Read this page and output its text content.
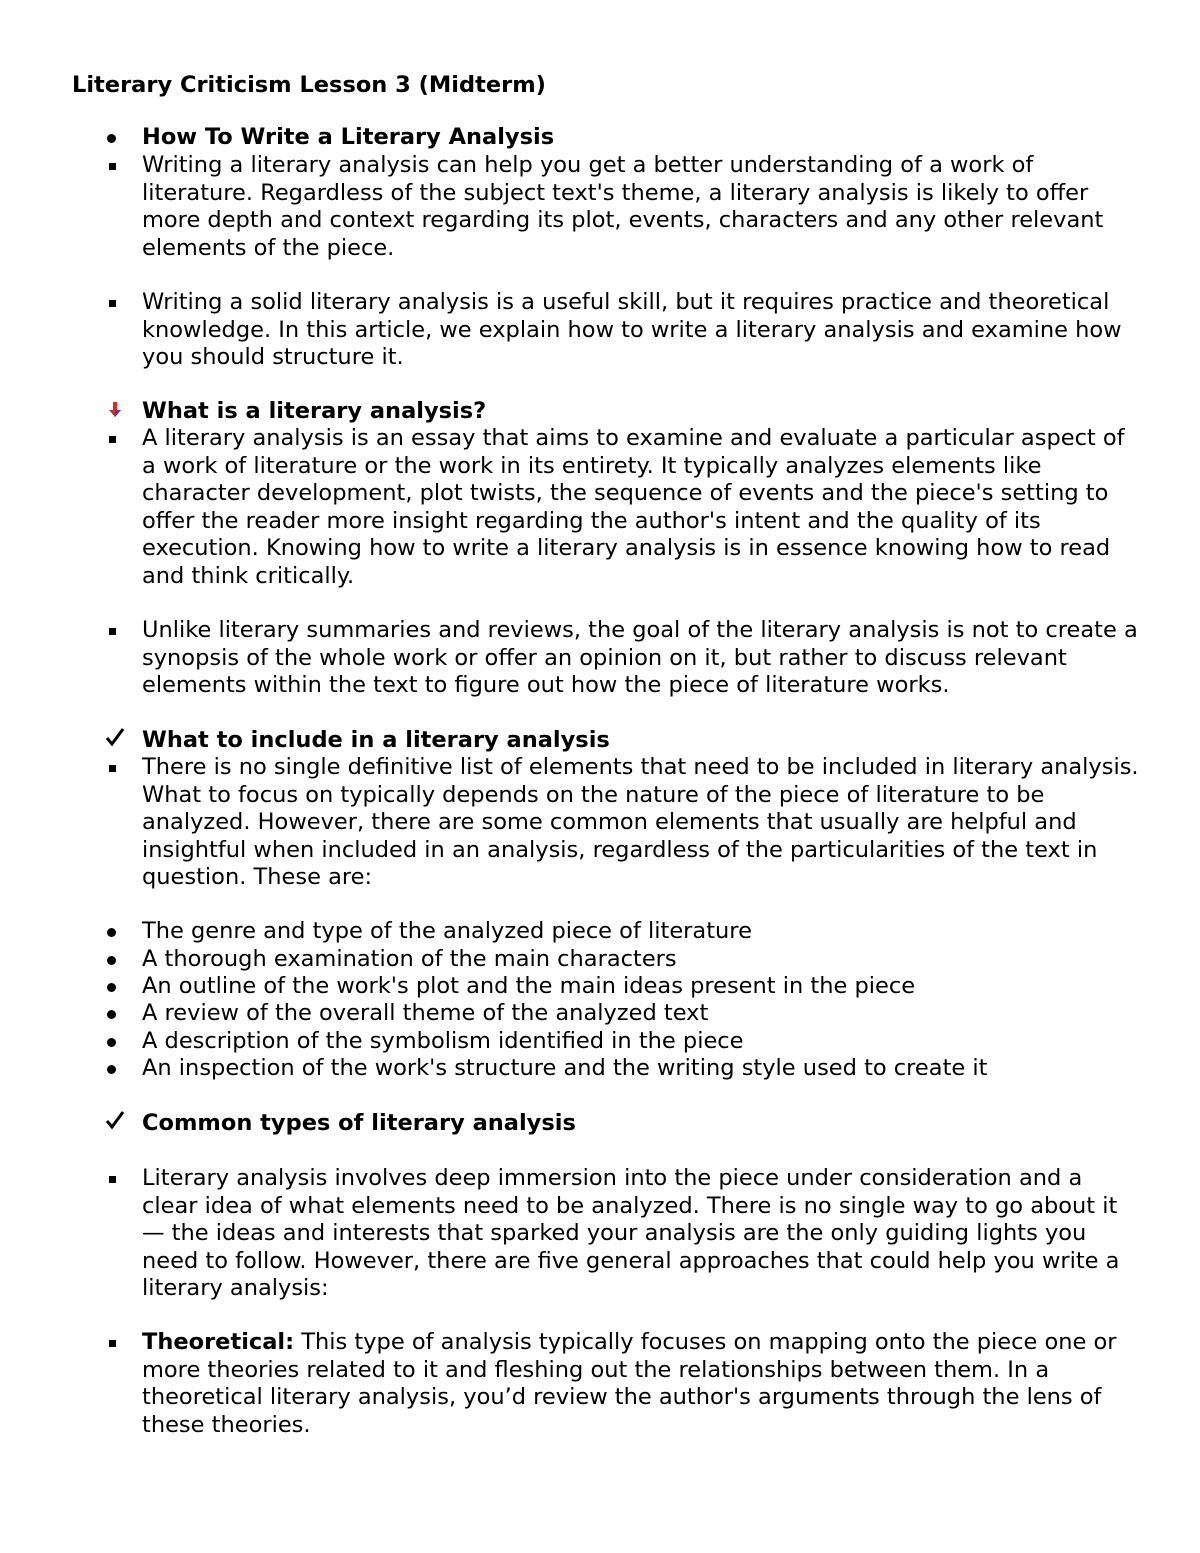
Literary Criticism Lesson 3 (Midterm)
How To Write a Literary Analysis

Writing a literary analysis can help you get a better understanding of a work of literature. Regardless of the subject text's theme, a literary analysis is likely to offer more depth and context regarding its plot, events, characters and any other relevant elements of the piece.

Writing a solid literary analysis is a useful skill, but it requires practice and theoretical knowledge. In this article, we explain how to write a literary analysis and examine how you should structure it.

What is a literary analysis?

A literary analysis is an essay that aims to examine and evaluate a particular aspect of a work of literature or the work in its entirety. It typically analyzes elements like character development, plot twists, the sequence of events and the piece's setting to offer the reader more insight regarding the author's intent and the quality of its execution. Knowing how to write a literary analysis is in essence knowing how to read and think critically.

Unlike literary summaries and reviews, the goal of the literary analysis is not to create a synopsis of the whole work or offer an opinion on it, but rather to discuss relevant elements within the text to figure out how the piece of literature works.

What to include in a literary analysis

There is no single definitive list of elements that need to be included in literary analysis. What to focus on typically depends on the nature of the piece of literature to be analyzed. However, there are some common elements that usually are helpful and insightful when included in an analysis, regardless of the particularities of the text in question. These are:

The genre and type of the analyzed piece of literature
A thorough examination of the main characters
An outline of the work's plot and the main ideas present in the piece
A review of the overall theme of the analyzed text
A description of the symbolism identified in the piece
An inspection of the work's structure and the writing style used to create it
Common types of literary analysis

Literary analysis involves deep immersion into the piece under consideration and a clear idea of what elements need to be analyzed. There is no single way to go about it — the ideas and interests that sparked your analysis are the only guiding lights you need to follow. However, there are five general approaches that could help you write a literary analysis:

Theoretical: This type of analysis typically focuses on mapping onto the piece one or more theories related to it and fleshing out the relationships between them. In a theoretical literary analysis, you’d review the author's arguments through the lens of these theories.
